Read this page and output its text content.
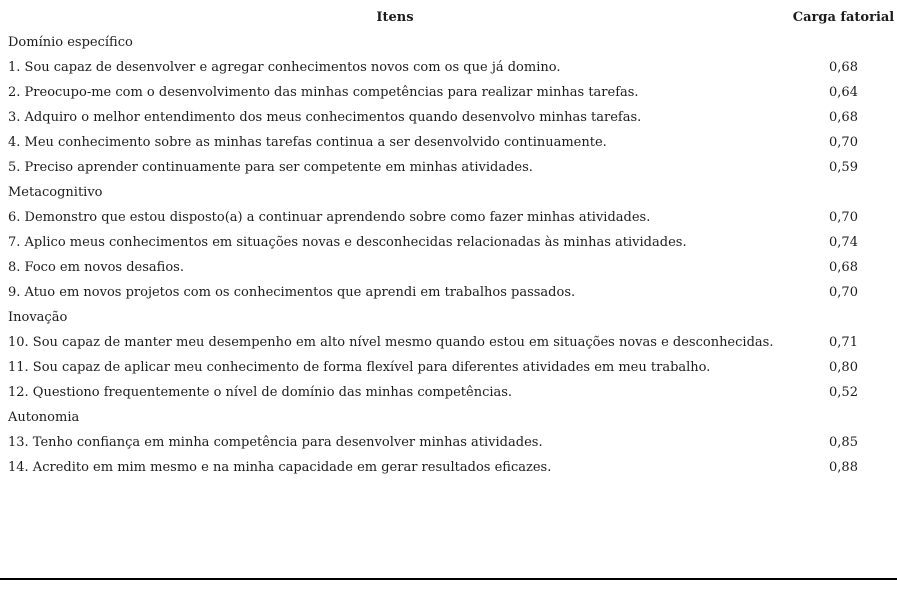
Itens	Carga fatorial
Domínio específico
1. Sou capaz de desenvolver e agregar conhecimentos novos com os que já domino.	0,68
2. Preocupo-me com o desenvolvimento das minhas competências para realizar minhas tarefas.	0,64
3. Adquiro o melhor entendimento dos meus conhecimentos quando desenvolvo minhas tarefas.	0,68
4. Meu conhecimento sobre as minhas tarefas continua a ser desenvolvido continuamente.	0,70
5. Preciso aprender continuamente para ser competente em minhas atividades.	0,59
Metacognitivo
6. Demonstro que estou disposto(a) a continuar aprendendo sobre como fazer minhas atividades.	0,70
7. Aplico meus conhecimentos em situações novas e desconhecidas relacionadas às minhas atividades.	0,74
8. Foco em novos desafios.	0,68
9. Atuo em novos projetos com os conhecimentos que aprendi em trabalhos passados.	0,70
Inovação
10. Sou capaz de manter meu desempenho em alto nível mesmo quando estou em situações novas e desconhecidas.	0,71
11. Sou capaz de aplicar meu conhecimento de forma flexível para diferentes atividades em meu trabalho.	0,80
12. Questiono frequentemente o nível de domínio das minhas competências.	0,52
Autonomia
13. Tenho confiança em minha competência para desenvolver minhas atividades.	0,85
14. Acredito em mim mesmo e na minha capacidade em gerar resultados eficazes.	0,88
